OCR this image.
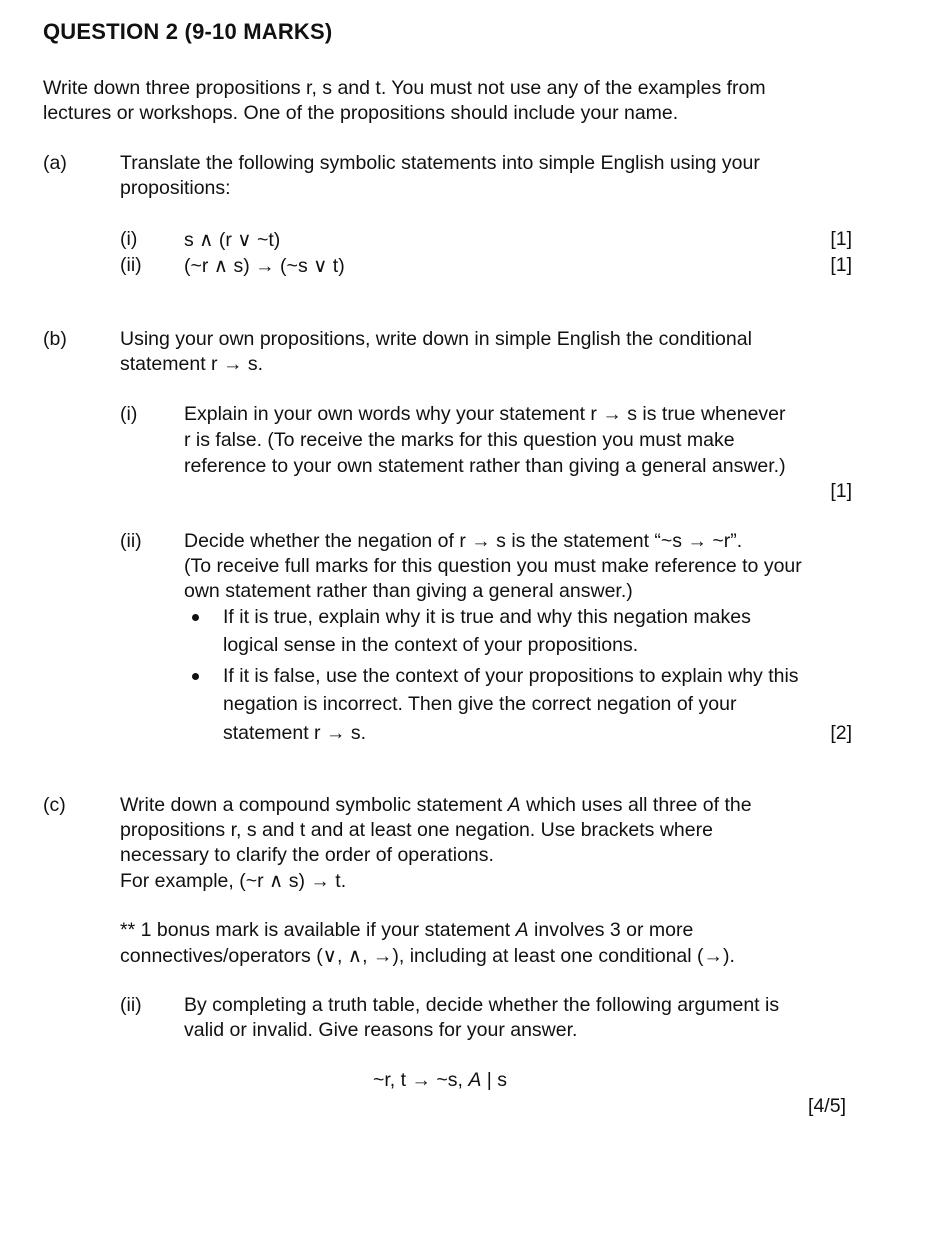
QUESTION 2 (9-10 MARKS)
Write down three propositions r, s and t. You must not use any of the examples from
lectures or workshops. One of the propositions should include your name.
(a)	Translate the following symbolic statements into simple English using your
propositions:
(i) s ∧ (r ∨ ~t)	[1]
(ii) (~r ∧ s) → (~s ∨ t)	[1]
(b)	Using your own propositions, write down in simple English the conditional
statement r → s.
(i) Explain in your own words why your statement r → s is true whenever
r is false. (To receive the marks for this question you must make
reference to your own statement rather than giving a general answer.)
[1]
(ii) Decide whether the negation of r → s is the statement “~s → ~r”.
(To receive full marks for this question you must make reference to your
own statement rather than giving a general answer.)
If it is true, explain why it is true and why this negation makes
logical sense in the context of your propositions.
If it is false, use the context of your propositions to explain why this
negation is incorrect. Then give the correct negation of your
statement r → s.	[2]
(c)	Write down a compound symbolic statement A which uses all three of the
propositions r, s and t and at least one negation. Use brackets where
necessary to clarify the order of operations.
For example, (~r ∧ s) → t.
** 1 bonus mark is available if your statement A involves 3 or more
connectives/operators (∨, ∧, →), including at least one conditional (→).
(ii) By completing a truth table, decide whether the following argument is
valid or invalid. Give reasons for your answer.
~r, t → ~s, A | s
[4/5]
